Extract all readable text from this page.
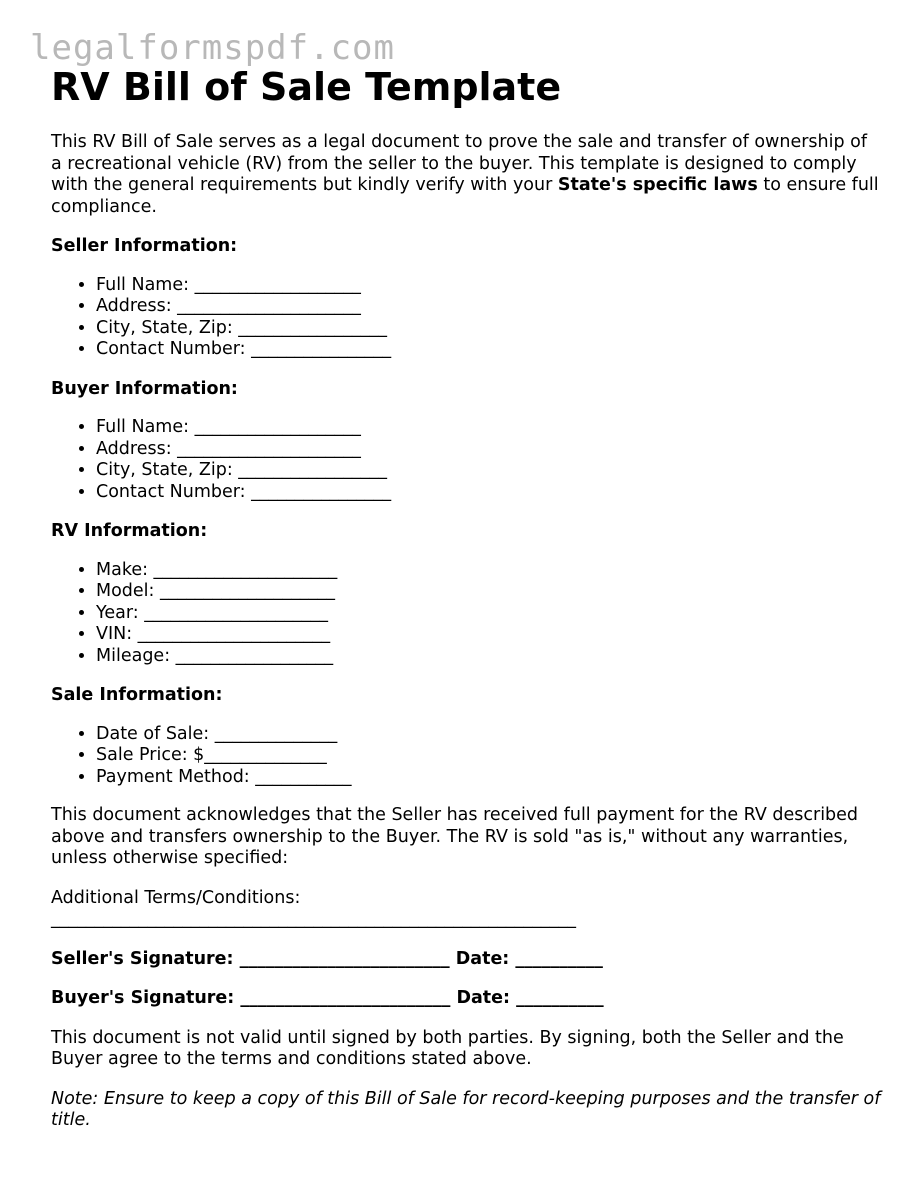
legalformspdf.com
RV Bill of Sale Template

This RV Bill of Sale serves as a legal document to prove the sale and transfer of ownership of a recreational vehicle (RV) from the seller to the buyer. This template is designed to comply with the general requirements but kindly verify with your State's specific laws to ensure full compliance.

Seller Information:

• Full Name: ___________________
• Address: _____________________
• City, State, Zip: _________________
• Contact Number: ________________

Buyer Information:

• Full Name: ___________________
• Address: _____________________
• City, State, Zip: _________________
• Contact Number: ________________

RV Information:

• Make: _____________________
• Model: ____________________
• Year: _____________________
• VIN: ______________________
• Mileage: __________________

Sale Information:

• Date of Sale: ______________
• Sale Price: $______________
• Payment Method: ___________

This document acknowledges that the Seller has received full payment for the RV described above and transfers ownership to the Buyer. The RV is sold "as is," without any warranties, unless otherwise specified:

Additional Terms/Conditions:

____________________________________________________________

Seller's Signature: ________________________ Date: __________

Buyer's Signature: ________________________ Date: __________

This document is not valid until signed by both parties. By signing, both the Seller and the Buyer agree to the terms and conditions stated above.

Note: Ensure to keep a copy of this Bill of Sale for record-keeping purposes and the transfer of title.
